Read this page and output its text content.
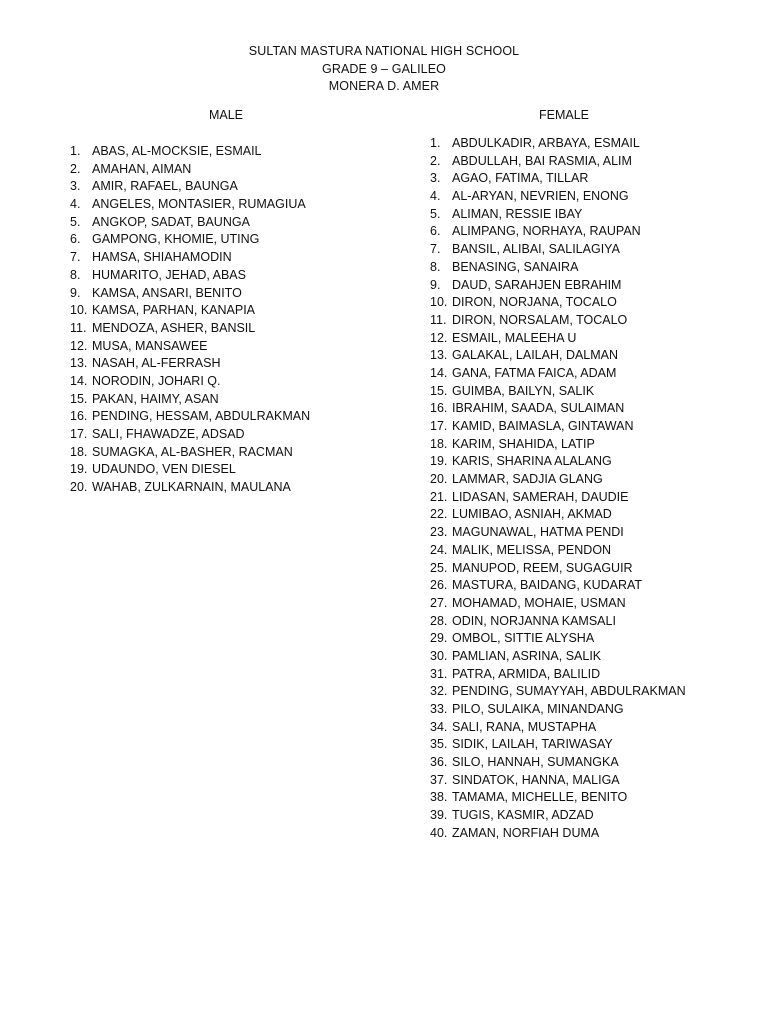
SULTAN MASTURA NATIONAL HIGH SCHOOL
GRADE 9 – GALILEO
MONERA D. AMER
MALE	FEMALE
1. ABAS, AL-MOCKSIE, ESMAIL
2. AMAHAN, AIMAN
3. AMIR, RAFAEL, BAUNGA
4. ANGELES, MONTASIER, RUMAGIUA
5. ANGKOP, SADAT, BAUNGA
6. GAMPONG, KHOMIE, UTING
7. HAMSA, SHIAHAMODIN
8. HUMARITO, JEHAD, ABAS
9. KAMSA, ANSARI, BENITO
10. KAMSA, PARHAN, KANAPIA
11. MENDOZA, ASHER, BANSIL
12. MUSA, MANSAWEE
13. NASAH, AL-FERRASH
14. NORODIN, JOHARI Q.
15. PAKAN, HAIMY, ASAN
16. PENDING, HESSAM, ABDULRAKMAN
17. SALI, FHAWADZE, ADSAD
18. SUMAGKA, AL-BASHER, RACMAN
19. UDAUNDO, VEN DIESEL
20. WAHAB, ZULKARNAIN, MAULANA
1. ABDULKADIR, ARBAYA, ESMAIL
2. ABDULLAH, BAI RASMIA, ALIM
3. AGAO, FATIMA, TILLAR
4. AL-ARYAN, NEVRIEN, ENONG
5. ALIMAN, RESSIE IBAY
6. ALIMPANG, NORHAYA, RAUPAN
7. BANSIL, ALIBAI, SALILAGIYA
8. BENASING, SANAIRA
9. DAUD, SARAHJEN EBRAHIM
10. DIRON, NORJANA, TOCALO
11. DIRON, NORSALAM, TOCALO
12. ESMAIL, MALEEHA U
13. GALAKAL, LAILAH, DALMAN
14. GANA, FATMA FAICA, ADAM
15. GUIMBA, BAILYN, SALIK
16. IBRAHIM, SAADA, SULAIMAN
17. KAMID, BAIMASLA, GINTAWAN
18. KARIM, SHAHIDA, LATIP
19. KARIS, SHARINA ALALANG
20. LAMMAR, SADJIA GLANG
21. LIDASAN, SAMERAH, DAUDIE
22. LUMIBAO, ASNIAH, AKMAD
23. MAGUNAWAL, HATMA PENDI
24. MALIK, MELISSA, PENDON
25. MANUPOD, REEM, SUGAGUIR
26. MASTURA, BAIDANG, KUDARAT
27. MOHAMAD, MOHAIE, USMAN
28. ODIN, NORJANNA KAMSALI
29. OMBOL, SITTIE ALYSHA
30. PAMLIAN, ASRINA, SALIK
31. PATRA, ARMIDA, BALILID
32. PENDING, SUMAYYAH, ABDULRAKMAN
33. PILO, SULAIKA, MINANDANG
34. SALI, RANA, MUSTAPHA
35. SIDIK, LAILAH, TARIWASAY
36. SILO, HANNAH, SUMANGKA
37. SINDATOK, HANNA, MALIGA
38. TAMAMA, MICHELLE, BENITO
39. TUGIS, KASMIR, ADZAD
40. ZAMAN, NORFIAH DUMA
